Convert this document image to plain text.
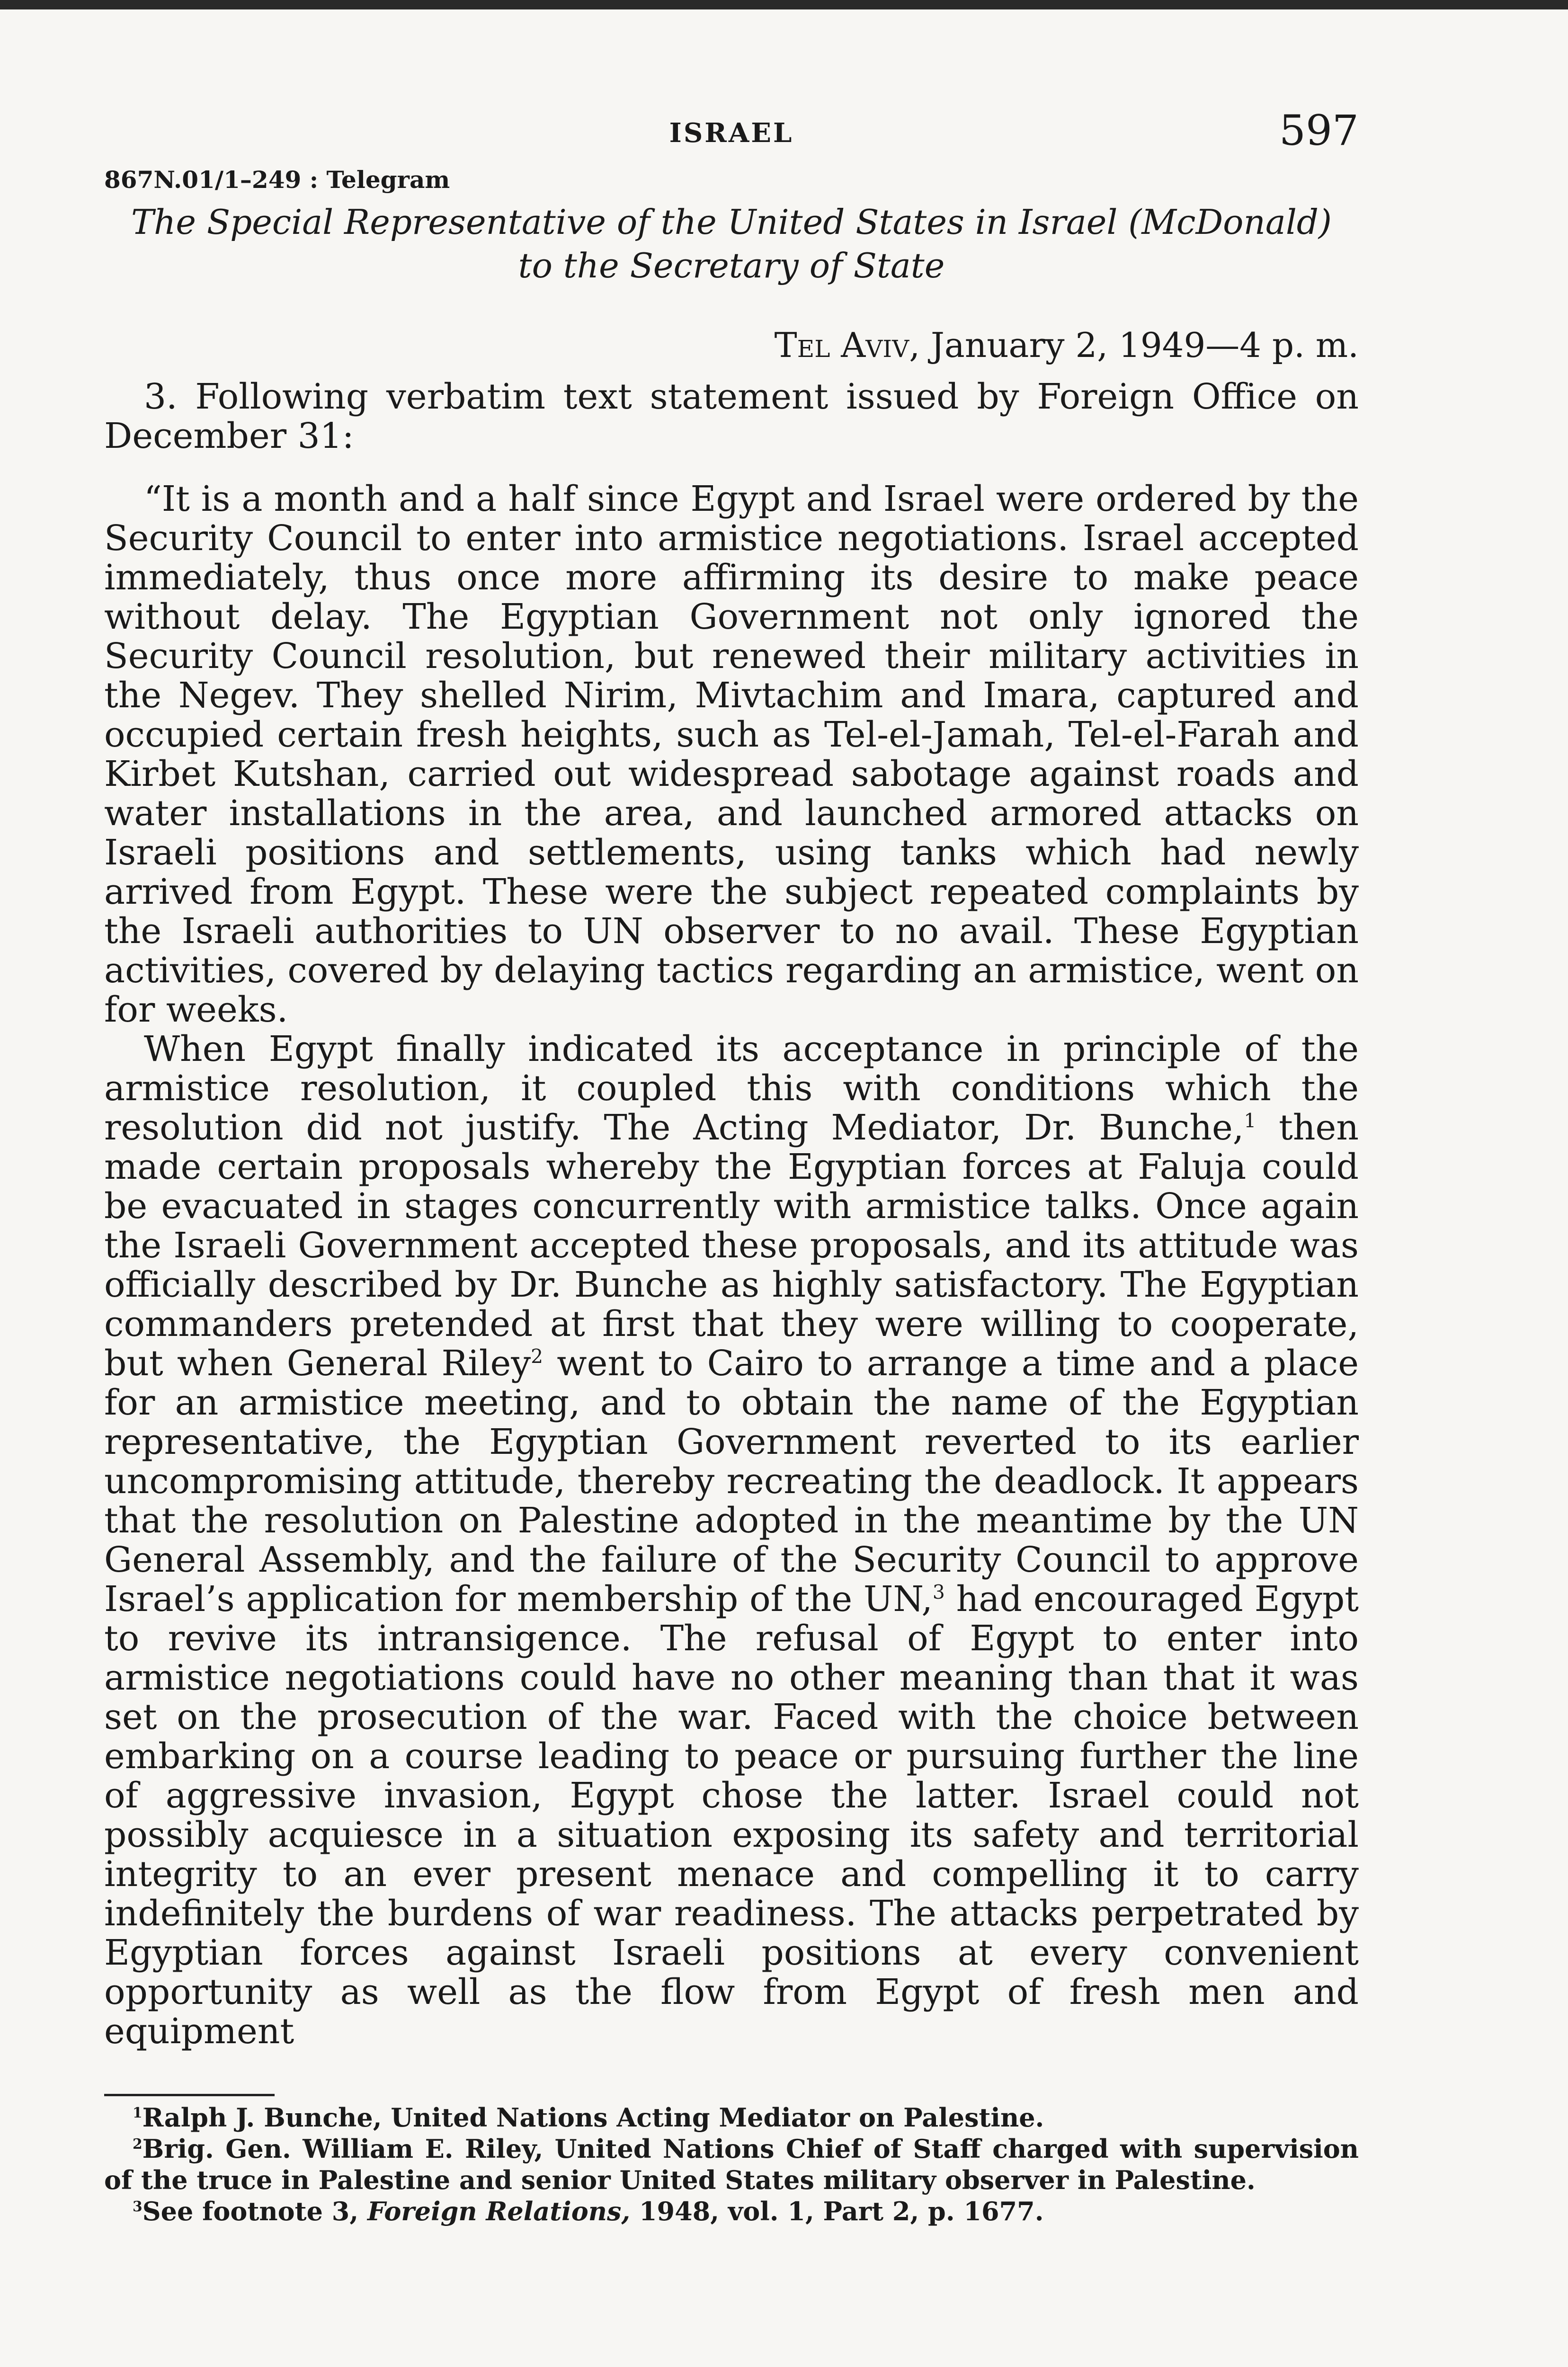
ISRAEL	597
867N.01/1–249 : Telegram
The Special Representative of the United States in Israel (McDonald)
to the Secretary of State
Tel Aviv, January 2, 1949—4 p. m.

3. Following verbatim text statement issued by Foreign Office on December 31:

“It is a month and a half since Egypt and Israel were ordered by the Security Council to enter into armistice negotiations. Israel accepted immediately, thus once more affirming its desire to make peace without delay. The Egyptian Government not only ignored the Security Council resolution, but renewed their military activities in the Negev. They shelled Nirim, Mivtachim and Imara, captured and occupied certain fresh heights, such as Tel-el-Jamah, Tel-el-Farah and Kirbet Kutshan, carried out widespread sabotage against roads and water installations in the area, and launched armored attacks on Israeli positions and settlements, using tanks which had newly arrived from Egypt. These were the subject repeated complaints by the Israeli authorities to UN observer to no avail. These Egyptian activities, covered by delaying tactics regarding an armistice, went on for weeks.

When Egypt finally indicated its acceptance in principle of the armistice resolution, it coupled this with conditions which the resolution did not justify. The Acting Mediator, Dr. Bunche,$^1$ then made certain proposals whereby the Egyptian forces at Faluja could be evacuated in stages concurrently with armistice talks. Once again the Israeli Government accepted these proposals, and its attitude was officially described by Dr. Bunche as highly satisfactory. The Egyptian commanders pretended at first that they were willing to cooperate, but when General Riley$^2$ went to Cairo to arrange a time and a place for an armistice meeting, and to obtain the name of the Egyptian representative, the Egyptian Government reverted to its earlier uncompromising attitude, thereby recreating the deadlock. It appears that the resolution on Palestine adopted in the meantime by the UN General Assembly, and the failure of the Security Council to approve Israel’s application for membership of the UN,$^3$ had encouraged Egypt to revive its intransigence. The refusal of Egypt to enter into armistice negotiations could have no other meaning than that it was set on the prosecution of the war. Faced with the choice between embarking on a course leading to peace or pursuing further the line of aggressive invasion, Egypt chose the latter. Israel could not possibly acquiesce in a situation exposing its safety and territorial integrity to an ever present menace and compelling it to carry indefinitely the burdens of war readiness. The attacks perpetrated by Egyptian forces against Israeli positions at every convenient opportunity as well as the flow from Egypt of fresh men and equipment

$^1$Ralph J. Bunche, United Nations Acting Mediator on Palestine.

$^2$Brig. Gen. William E. Riley, United Nations Chief of Staff charged with supervision of the truce in Palestine and senior United States military observer in Palestine.

$^3$See footnote 3, Foreign Relations, 1948, vol. 1, Part 2, p. 1677.
